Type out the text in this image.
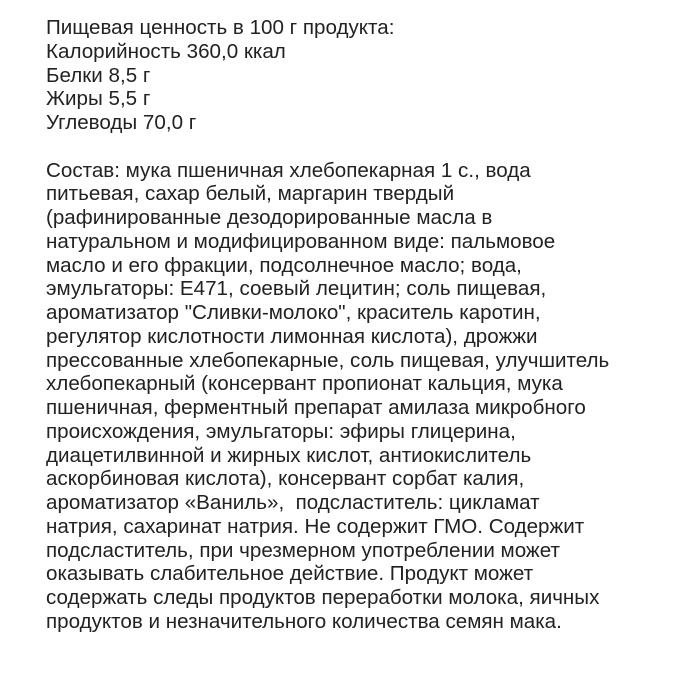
Пищевая ценность в 100 г продукта:
Калорийность 360,0 ккал
Белки 8,5 г
Жиры 5,5 г
Углеводы 70,0 г
Состав: мука пшеничная хлебопекарная 1 с., вода
питьевая, сахар белый, маргарин твердый
(рафинированные дезодорированные масла в
натуральном и модифицированном виде: пальмовое
масло и его фракции, подсолнечное масло; вода,
эмульгаторы: Е471, соевый лецитин; соль пищевая,
ароматизатор "Сливки-молоко", краситель каротин,
регулятор кислотности лимонная кислота), дрожжи
прессованные хлебопекарные, соль пищевая, улучшитель
хлебопекарный (консервант пропионат кальция, мука
пшеничная, ферментный препарат амилаза микробного
происхождения, эмульгаторы: эфиры глицерина,
диацетилвинной и жирных кислот, антиокислитель
аскорбиновая кислота), консервант сорбат калия,
ароматизатор «Ваниль»,  подсластитель: цикламат
натрия, сахаринат натрия. Не содержит ГМО. Содержит
подсластитель, при чрезмерном употреблении может
оказывать слабительное действие. Продукт может
содержать следы продуктов переработки молока, яичных
продуктов и незначительного количества семян мака.
